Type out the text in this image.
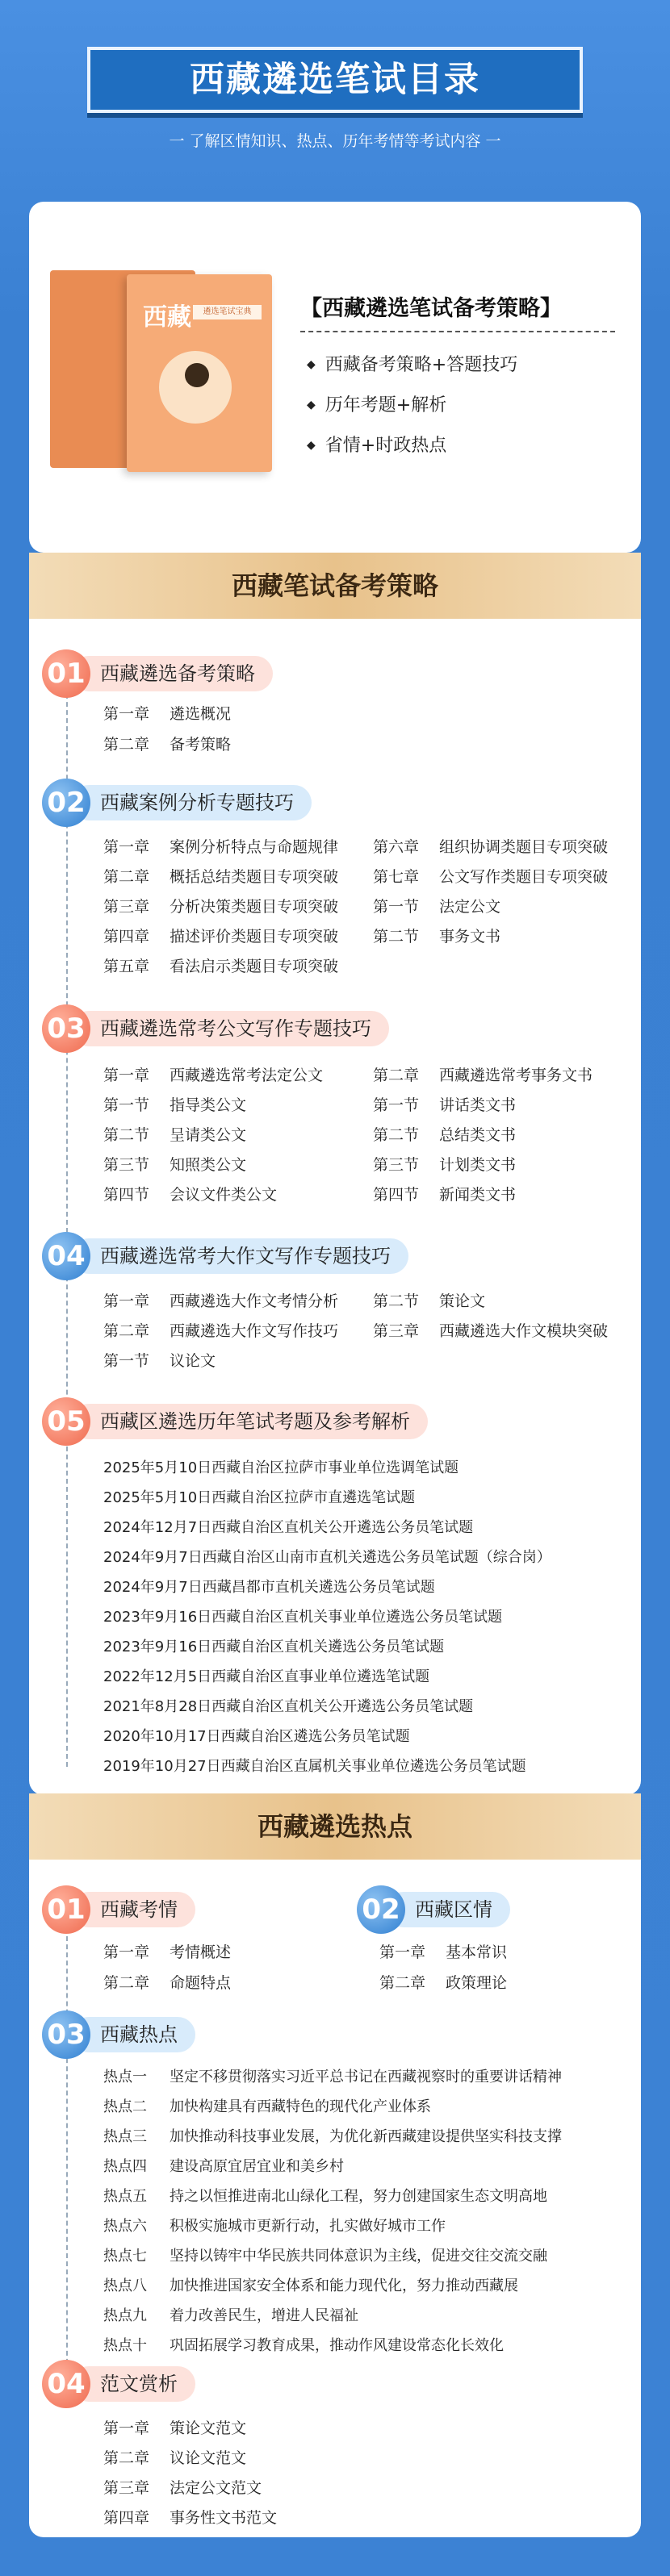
西藏遴选笔试目录
一 了解区情知识、热点、历年考情等考试内容 一
西藏	遴选笔试宝典	【西藏遴选笔试备考策略】
◆ 西藏备考策略+答题技巧
◆ 历年考题+解析
◆ 省情+时政热点
西藏笔试备考策略
西藏遴选备考策略
01
第一章 遴选概况
第二章 备考策略
西藏案例分析专题技巧
02
第一章 案例分析特点与命题规律
第二章 概括总结类题目专项突破
第三章 分析决策类题目专项突破
第四章 描述评价类题目专项突破
第五章 看法启示类题目专项突破
第六章 组织协调类题目专项突破
第七章 公文写作类题目专项突破
第一节 法定公文
第二节 事务文书
西藏遴选常考公文写作专题技巧
03
第一章 西藏遴选常考法定公文
第一节 指导类公文
第二节 呈请类公文
第三节 知照类公文
第四节 会议文件类公文
第二章 西藏遴选常考事务文书
第一节 讲话类文书
第二节 总结类文书
第三节 计划类文书
第四节 新闻类文书
西藏遴选常考大作文写作专题技巧
04
第一章 西藏遴选大作文考情分析
第二章 西藏遴选大作文写作技巧
第一节 议论文
第二节 策论文
第三章 西藏遴选大作文模块突破
西藏区遴选历年笔试考题及参考解析
05
2025年5月10日西藏自治区拉萨市事业单位选调笔试题
2025年5月10日西藏自治区拉萨市直遴选笔试题
2024年12月7日西藏自治区直机关公开遴选公务员笔试题
2024年9月7日西藏自治区山南市直机关遴选公务员笔试题（综合岗）
2024年9月7日西藏昌都市直机关遴选公务员笔试题
2023年9月16日西藏自治区直机关事业单位遴选公务员笔试题
2023年9月16日西藏自治区直机关遴选公务员笔试题
2022年12月5日西藏自治区直事业单位遴选笔试题
2021年8月28日西藏自治区直机关公开遴选公务员笔试题
2020年10月17日西藏自治区遴选公务员笔试题
2019年10月27日西藏自治区直属机关事业单位遴选公务员笔试题
西藏遴选热点
西藏考情
01
第一章 考情概述
第二章 命题特点
西藏区情
02
第一章 基本常识
第二章 政策理论
西藏热点
03
热点一 坚定不移贯彻落实习近平总书记在西藏视察时的重要讲话精神
热点二 加快构建具有西藏特色的现代化产业体系
热点三 加快推动科技事业发展，为优化新西藏建设提供坚实科技支撑
热点四 建设高原宜居宜业和美乡村
热点五 持之以恒推进南北山绿化工程，努力创建国家生态文明高地
热点六 积极实施城市更新行动，扎实做好城市工作
热点七 坚持以铸牢中华民族共同体意识为主线，促进交往交流交融
热点八 加快推进国家安全体系和能力现代化，努力推动西藏展
热点九 着力改善民生，增进人民福祉
热点十 巩固拓展学习教育成果，推动作风建设常态化长效化
范文赏析
04
第一章 策论文范文
第二章 议论文范文
第三章 法定公文范文
第四章 事务性文书范文
